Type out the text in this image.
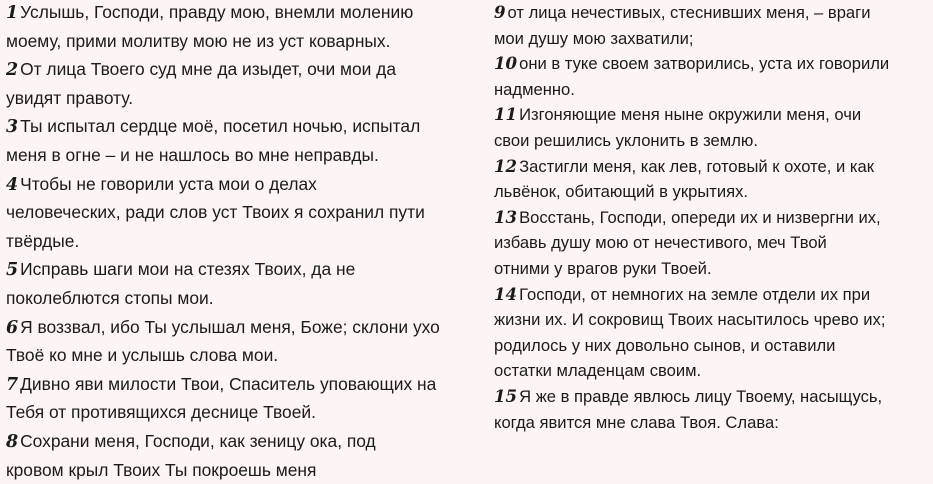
1 Услышь, Господи, правду мою, внемли молению
моему, прими молитву мою не из уст коварных.
2 От лица Твоего суд мне да изыдет, очи мои да
увидят правоту.
3 Ты испытал сердце моё, посетил ночью, испытал
меня в огне – и не нашлось во мне неправды.
4 Чтобы не говорили уста мои о делах
человеческих, ради слов уст Твоих я сохранил пути
твёрдые.
5 Исправь шаги мои на стезях Твоих, да не
поколеблются стопы мои.
6 Я воззвал, ибо Ты услышал меня, Боже; склони ухо
Твоё ко мне и услышь слова мои.
7 Дивно яви милости Твои, Спаситель уповающих на
Тебя от противящихся деснице Твоей.
8 Сохрани меня, Господи, как зеницу ока, под
кровом крыл Твоих Ты покроешь меня
9 от лица нечестивых, стеснивших меня, – враги
мои душу мою захватили;
10 они в туке своем затворились, уста их говорили
надменно.
11 Изгоняющие меня ныне окружили меня, очи
свои решились уклонить в землю.
12 Застигли меня, как лев, готовый к охоте, и как
львёнок, обитающий в укрытиях.
13 Восстань, Господи, опереди их и низвергни их,
избавь душу мою от нечестивого, меч Твой
отними у врагов руки Твоей.
14 Господи, от немногих на земле отдели их при
жизни их. И сокровищ Твоих насытилось чрево их;
родилось у них довольно сынов, и оставили
остатки младенцам своим.
15 Я же в правде явлюсь лицу Твоему, насыщусь,
когда явится мне слава Твоя. Слава:
